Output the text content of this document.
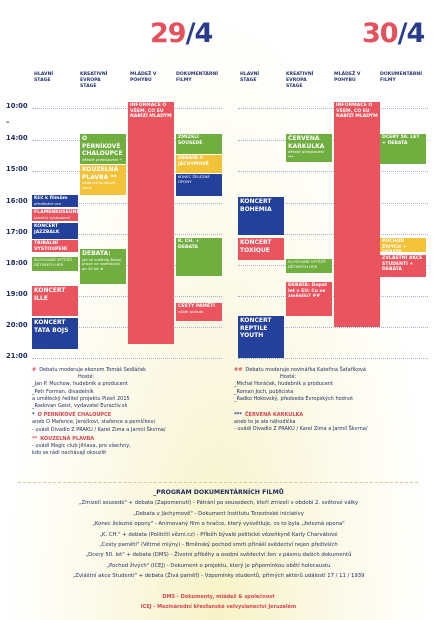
29/4	30/4
HLAVNÍ STAGE
KREATIVNÍ EVROPA STAGE
MLÁDEŽ V POHYBU
DOKUMENTÁRNÍ FILMY
HLAVNÍ STAGE
KREATIVNÍ EVROPA STAGE
MLÁDEŽ V POHYBU
DOKUMENTÁRNÍ FILMY
10:00
14:00
15:00
16:00
17:00
18:00
19:00
20:00
21:00
–
INFORMACE O VŠEM, CO EU NABÍZÍ MLADÝM
O PERNÍKOVÉ CHALOUPCE
dětské představení *
ZMIZELÍ SOUSEDÉ
DEBATA V JÁCHYMOVĚ
KONEC ŽELEZNÉ OPONY
KOUZELNÁ PLAVBA **
vědecké loutkové show
Klíč k filmům
předávání cen
FLAMENKOSEUNDO
taneční vystoupení
KONCERT JAZZBALK
TRIBÁLNÍ VYSTOUPENÍ
tanečně vystoupení
SLOSOVÁNÍ VÝTĚŽŮ DĚTSKÝCH HER
DEBATA:
Jak se změnila školní praxe ve vzdělávání po 30 let #
K. CH. + DEBATA
KONCERT ILLE
CESTY PAMĚTI
výběr pořadu
KONCERT TATA BOJS
INFORMACE O VŠEM, CO EU NABÍZÍ MLADÝM
ČERVENÁ KARKULKA
dětské představení ***
DCERY 50. LET + DEBATA
KONCERT BOHEMIA
KONCERT TOXIQUE
SLOSOVÁNÍ VÝTĚŽŮ DĚTSKÝCH HER
DEBATA: Dopat let v EU: Co se změnilo? ##
POCHOD ŽIVÝCH + DEBATA
ZVLÁŠTNÍ AKCE STUDENTI + DEBATA
KONCERT REPTILE YOUTH
# Debatu moderuje ekonom Tomáš Sedláček
Hosté:
_Jan P. Muchow, hudebník a producent
_Petr Forman, divadelník
a uměleckÿ ředitel projektu Plzeň 2015
_Radovan Geist, vydavatel Euractiv.sk
* O PERNÍKOVÉ CHALOUPCE
aneb O Mařence, Jeníčkovi, stařence a perníčkovi
- uvádí Divadlo Z PRAKU / Karel Zima a Jarmil Škvrna/
** KOUZELNÁ PLAVBA
- uvádí Magic club Jihlava, pro všechny,
kdo se rádi nechávají okouzlit
## Debatu moderuje novinářka Kateřina Šafaříková
Hosté:
_Michal Horáček, hudebník a producent
_Roman Joch, publicista
_Radko Hokovský, předseda Evropských hodnot
*** ČERVENÁ KARKULKA
aneb to je ale nähodička
- uvádí Divadlo Z PRAKU / Karel Zima a Jarmil Škvrna/
_PROGRAM DOKUMENTÁRNÍCH FILMŮ
„Zmizelí sousedé" + debata (Zapomenutí) - Pátrání po sousedech, kteří zmizeli v období 2. světové války
„Debata v Jáchymově" - Dokument Institutu Terezínské iniciativy
„Konec železné opony" - Animovaný film o hračce, který vysvětluje, co to byla „železná opona"
„K. CH." + debata (Političtí vězni.cz) - Příběh bývalé politické vězeňkyně Karly Charvátové
„Cesty pamětí" (Větrné mlýny) - Brněnský pochod smrti přináší svědectví nejen přeživších
„Dcery 50. let" + debata (DMS) - Životní příběhy a osobní svědectví žen v pásmu daších dokumentů
„Pochod živých" (ICEJ) - Dokument o projektu, který je připomínkou obětí holocaustu
„Zvláštní akce Studenti" + debata (Živá paměť) - Vzpomínky studentů, přímých aktérů událostí 17 / 11 / 1939
DMS - Dokumenty, mládež & společnost
ICEJ - Mezinárodní křesťanské velvyslanectví Jeruzalém
